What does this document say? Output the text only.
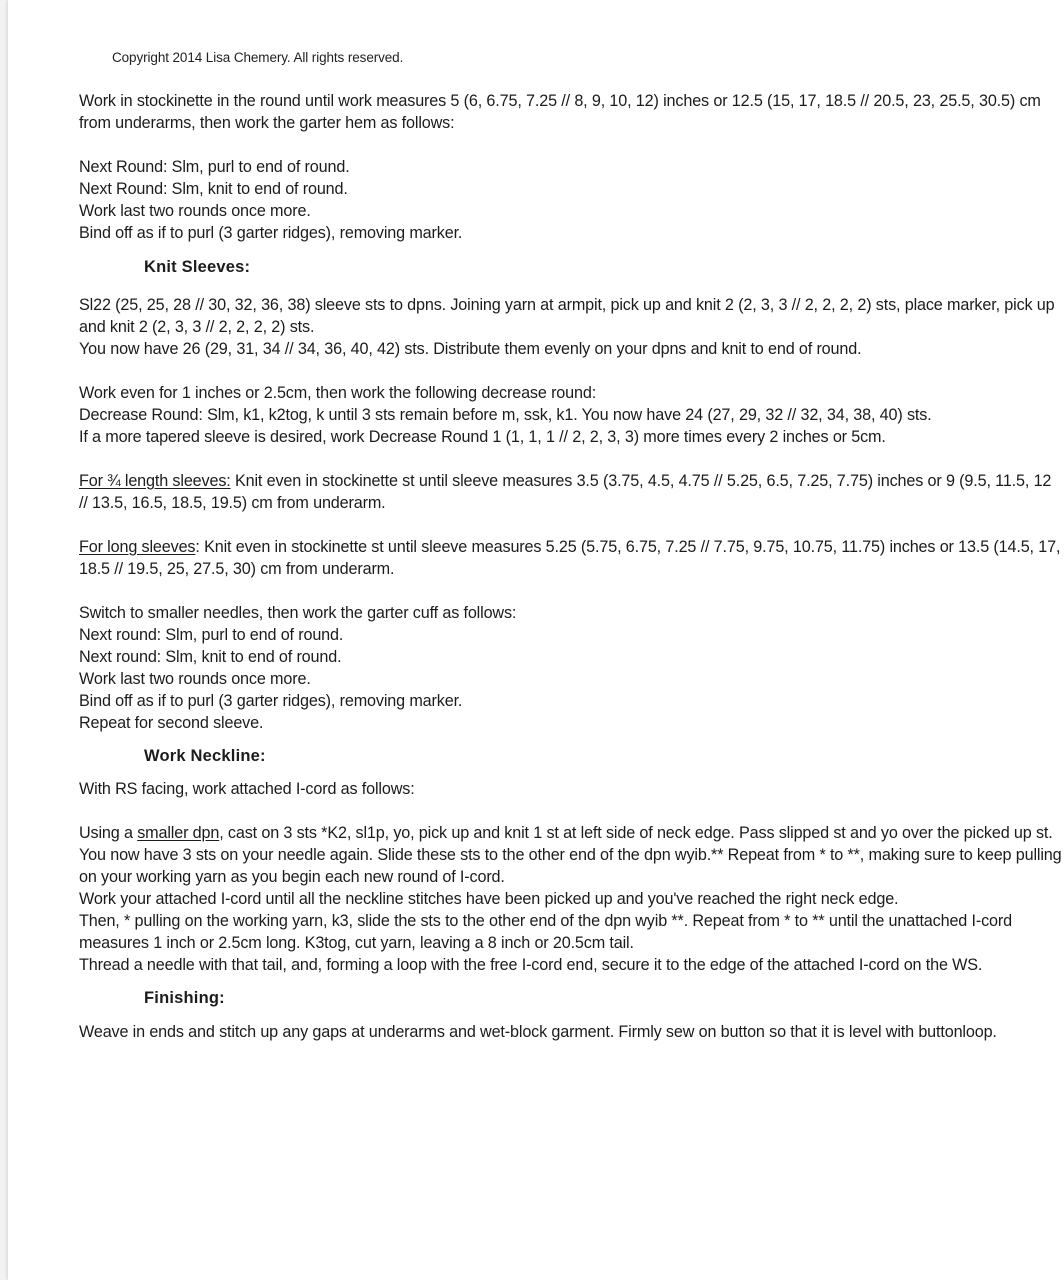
Copyright 2014 Lisa Chemery. All rights reserved.

Work in stockinette in the round until work measures 5 (6, 6.75, 7.25 // 8, 9, 10, 12) inches or 12.5 (15, 17, 18.5 // 20.5, 23, 25.5, 30.5) cm from underarms, then work the garter hem as follows:

Next Round: Slm, purl to end of round.

Next Round: Slm, knit to end of round.

Work last two rounds once more.

Bind off as if to purl (3 garter ridges), removing marker.

Knit Sleeves:

Sl22 (25, 25, 28 // 30, 32, 36, 38) sleeve sts to dpns. Joining yarn at armpit, pick up and knit 2 (2, 3, 3 // 2, 2, 2, 2) sts, place marker, pick up and knit 2 (2, 3, 3 // 2, 2, 2, 2) sts.

You now have 26 (29, 31, 34 // 34, 36, 40, 42) sts. Distribute them evenly on your dpns and knit to end of round.

Work even for 1 inches or 2.5cm, then work the following decrease round:

Decrease Round: Slm, k1, k2tog, k until 3 sts remain before m, ssk, k1. You now have 24 (27, 29, 32 // 32, 34, 38, 40) sts.

If a more tapered sleeve is desired, work Decrease Round 1 (1, 1, 1 // 2, 2, 3, 3) more times every 2 inches or 5cm.

For ¾ length sleeves: Knit even in stockinette st until sleeve measures 3.5 (3.75, 4.5, 4.75 // 5.25, 6.5, 7.25, 7.75) inches or 9 (9.5, 11.5, 12 // 13.5, 16.5, 18.5, 19.5) cm from underarm.

For long sleeves: Knit even in stockinette st until sleeve measures 5.25 (5.75, 6.75, 7.25 // 7.75, 9.75, 10.75, 11.75) inches or 13.5 (14.5, 17, 18.5 // 19.5, 25, 27.5, 30) cm from underarm.

Switch to smaller needles, then work the garter cuff as follows:

Next round: Slm, purl to end of round.

Next round: Slm, knit to end of round.

Work last two rounds once more.

Bind off as if to purl (3 garter ridges), removing marker.

Repeat for second sleeve.

Work Neckline:

With RS facing, work attached I-cord as follows:

Using a smaller dpn, cast on 3 sts *K2, sl1p, yo, pick up and knit 1 st at left side of neck edge. Pass slipped st and yo over the picked up st. You now have 3 sts on your needle again. Slide these sts to the other end of the dpn wyib.** Repeat from * to **, making sure to keep pulling on your working yarn as you begin each new round of I-cord.

Work your attached I-cord until all the neckline stitches have been picked up and you've reached the right neck edge.

Then, * pulling on the working yarn, k3, slide the sts to the other end of the dpn wyib **. Repeat from * to ** until the unattached I-cord measures 1 inch or 2.5cm long. K3tog, cut yarn, leaving a 8 inch or 20.5cm tail.

Thread a needle with that tail, and, forming a loop with the free I-cord end, secure it to the edge of the attached I-cord on the WS.

Finishing:

Weave in ends and stitch up any gaps at underarms and wet-block garment. Firmly sew on button so that it is level with buttonloop.
